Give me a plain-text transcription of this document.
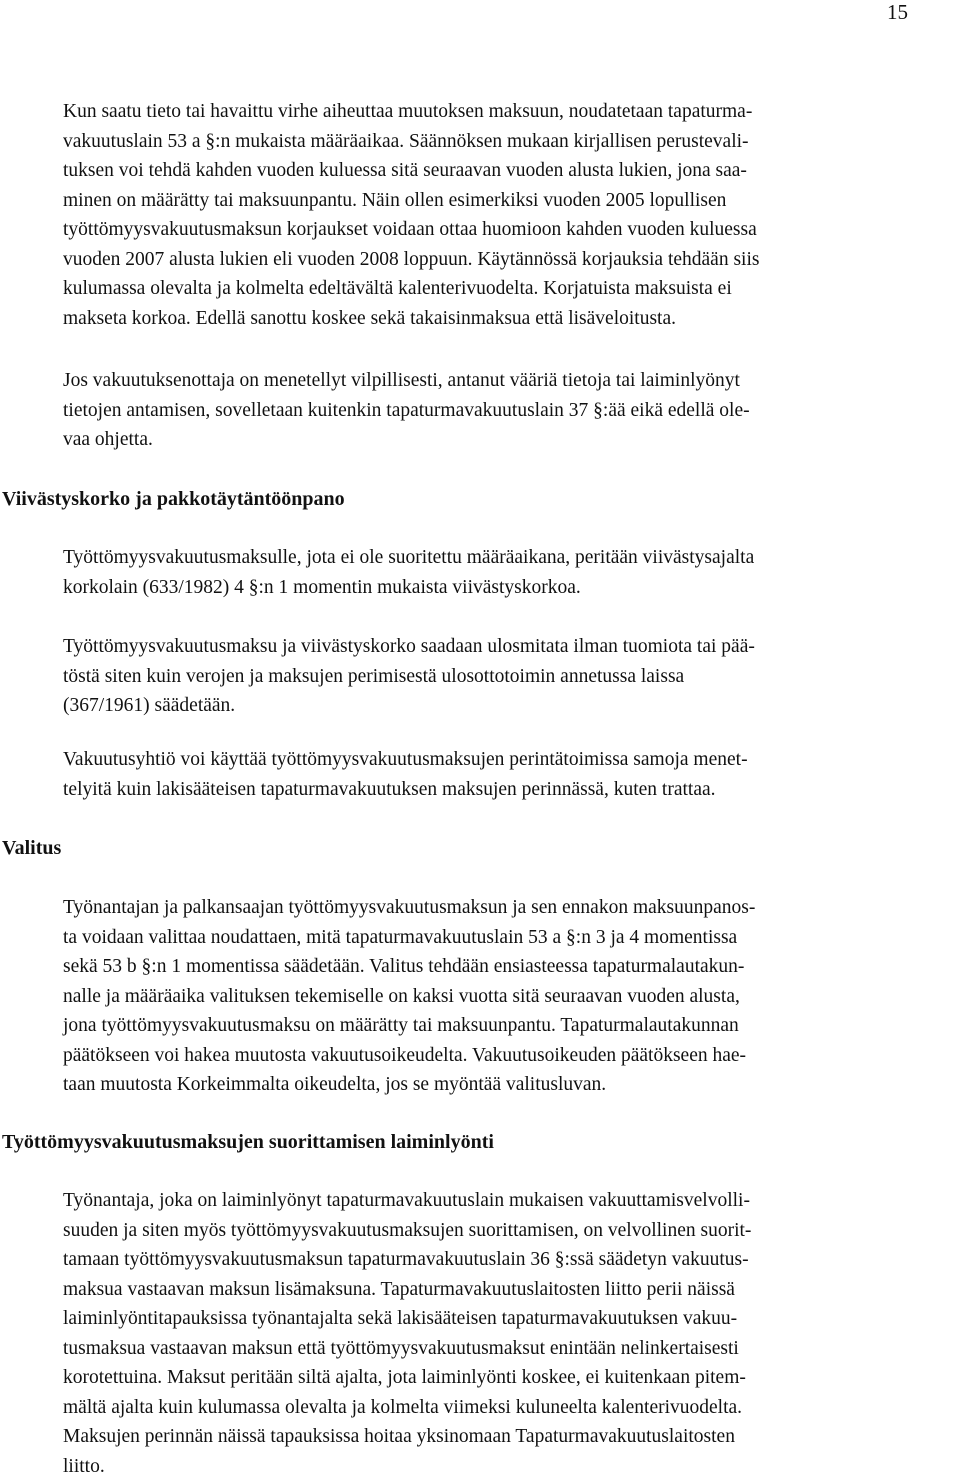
15

Kun saatu tieto tai havaittu virhe aiheuttaa muutoksen maksuun, noudatetaan tapaturma-
vakuutuslain 53 a §:n mukaista määräaikaa. Säännöksen mukaan kirjallisen perustevali-
tuksen voi tehdä kahden vuoden kuluessa sitä seuraavan vuoden alusta lukien, jona saa-
minen on määrätty tai maksuunpantu. Näin ollen esimerkiksi vuoden 2005 lopullisen
työttömyysvakuutusmaksun korjaukset voidaan ottaa huomioon kahden vuoden kuluessa
vuoden 2007 alusta lukien eli vuoden 2008 loppuun. Käytännössä korjauksia tehdään siis
kulumassa olevalta ja kolmelta edeltävältä kalenterivuodelta. Korjatuista maksuista ei
makseta korkoa. Edellä sanottu koskee sekä takaisinmaksua että lisäveloitusta.

Jos vakuutuksenottaja on menetellyt vilpillisesti, antanut vääriä tietoja tai laiminlyönyt
tietojen antamisen, sovelletaan kuitenkin tapaturmavakuutuslain 37 §:ää eikä edellä ole-
vaa ohjetta.

Viivästyskorko ja pakkotäytäntöönpano

Työttömyysvakuutusmaksulle, jota ei ole suoritettu määräaikana, peritään viivästysajalta
korkolain (633/1982) 4 §:n 1 momentin mukaista viivästyskorkoa.

Työttömyysvakuutusmaksu ja viivästyskorko saadaan ulosmitata ilman tuomiota tai pää-
töstä siten kuin verojen ja maksujen perimisestä ulosottotoimin annetussa laissa
(367/1961) säädetään.

Vakuutusyhtiö voi käyttää työttömyysvakuutusmaksujen perintätoimissa samoja menet-
telyitä kuin lakisääteisen tapaturmavakuutuksen maksujen perinnässä, kuten trattaa.

Valitus

Työnantajan ja palkansaajan työttömyysvakuutusmaksun ja sen ennakon maksuunpanos-
ta voidaan valittaa noudattaen, mitä tapaturmavakuutuslain 53 a §:n 3 ja 4 momentissa
sekä 53 b §:n 1 momentissa säädetään. Valitus tehdään ensiasteessa tapaturmalautakun-
nalle ja määräaika valituksen tekemiselle on kaksi vuotta sitä seuraavan vuoden alusta,
jona työttömyysvakuutusmaksu on määrätty tai maksuunpantu. Tapaturmalautakunnan
päätökseen voi hakea muutosta vakuutusoikeudelta. Vakuutusoikeuden päätökseen hae-
taan muutosta Korkeimmalta oikeudelta, jos se myöntää valitusluvan.

Työttömyysvakuutusmaksujen suorittamisen laiminlyönti

Työnantaja, joka on laiminlyönyt tapaturmavakuutuslain mukaisen vakuuttamisvelvolli-
suuden ja siten myös työttömyysvakuutusmaksujen suorittamisen, on velvollinen suorit-
tamaan työttömyysvakuutusmaksun tapaturmavakuutuslain 36 §:ssä säädetyn vakuutus-
maksua vastaavan maksun lisämaksuna. Tapaturmavakuutuslaitosten liitto perii näissä
laiminlyöntitapauksissa työnantajalta sekä lakisääteisen tapaturmavakuutuksen vakuu-
tusmaksua vastaavan maksun että työttömyysvakuutusmaksut enintään nelinkertaisesti
korotettuina. Maksut peritään siltä ajalta, jota laiminlyönti koskee, ei kuitenkaan pitem-
mältä ajalta kuin kulumassa olevalta ja kolmelta viimeksi kuluneelta kalenterivuodelta.
Maksujen perinnän näissä tapauksissa hoitaa yksinomaan Tapaturmavakuutuslaitosten
liitto.
